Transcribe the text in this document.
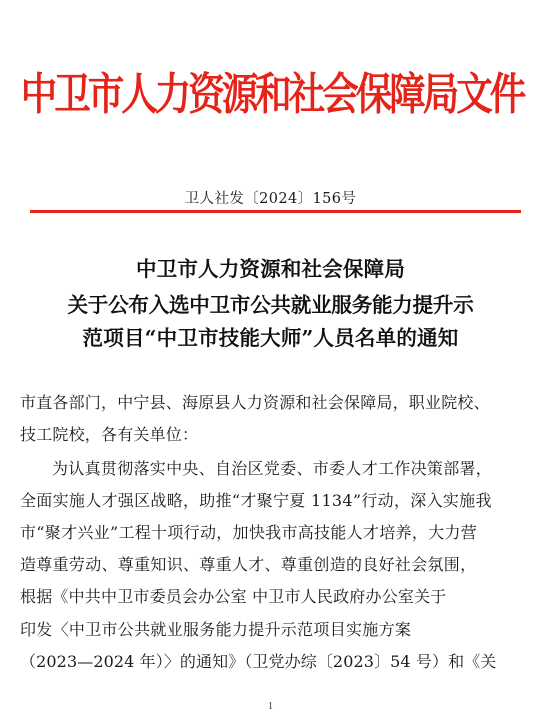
中卫市人力资源和社会保障局文件
卫人社发〔2024〕156号
中卫市人力资源和社会保障局
关于公布入选中卫市公共就业服务能力提升示
范项目“中卫市技能大师”人员名单的通知
市直各部门，中宁县、海原县人力资源和社会保障局，职业院校、
技工院校，各有关单位：
为认真贯彻落实中央、自治区党委、市委人才工作决策部署，
全面实施人才强区战略，助推“才聚宁夏 1134”行动，深入实施我
市“聚才兴业”工程十项行动，加快我市高技能人才培养，大力营
造尊重劳动、尊重知识、尊重人才、尊重创造的良好社会氛围，
根据《中共中卫市委员会办公室 中卫市人民政府办公室关于
印发〈中卫市公共就业服务能力提升示范项目实施方案
（2023—2024 年）〉的通知》（卫党办综〔2023〕54 号）和《关
1
